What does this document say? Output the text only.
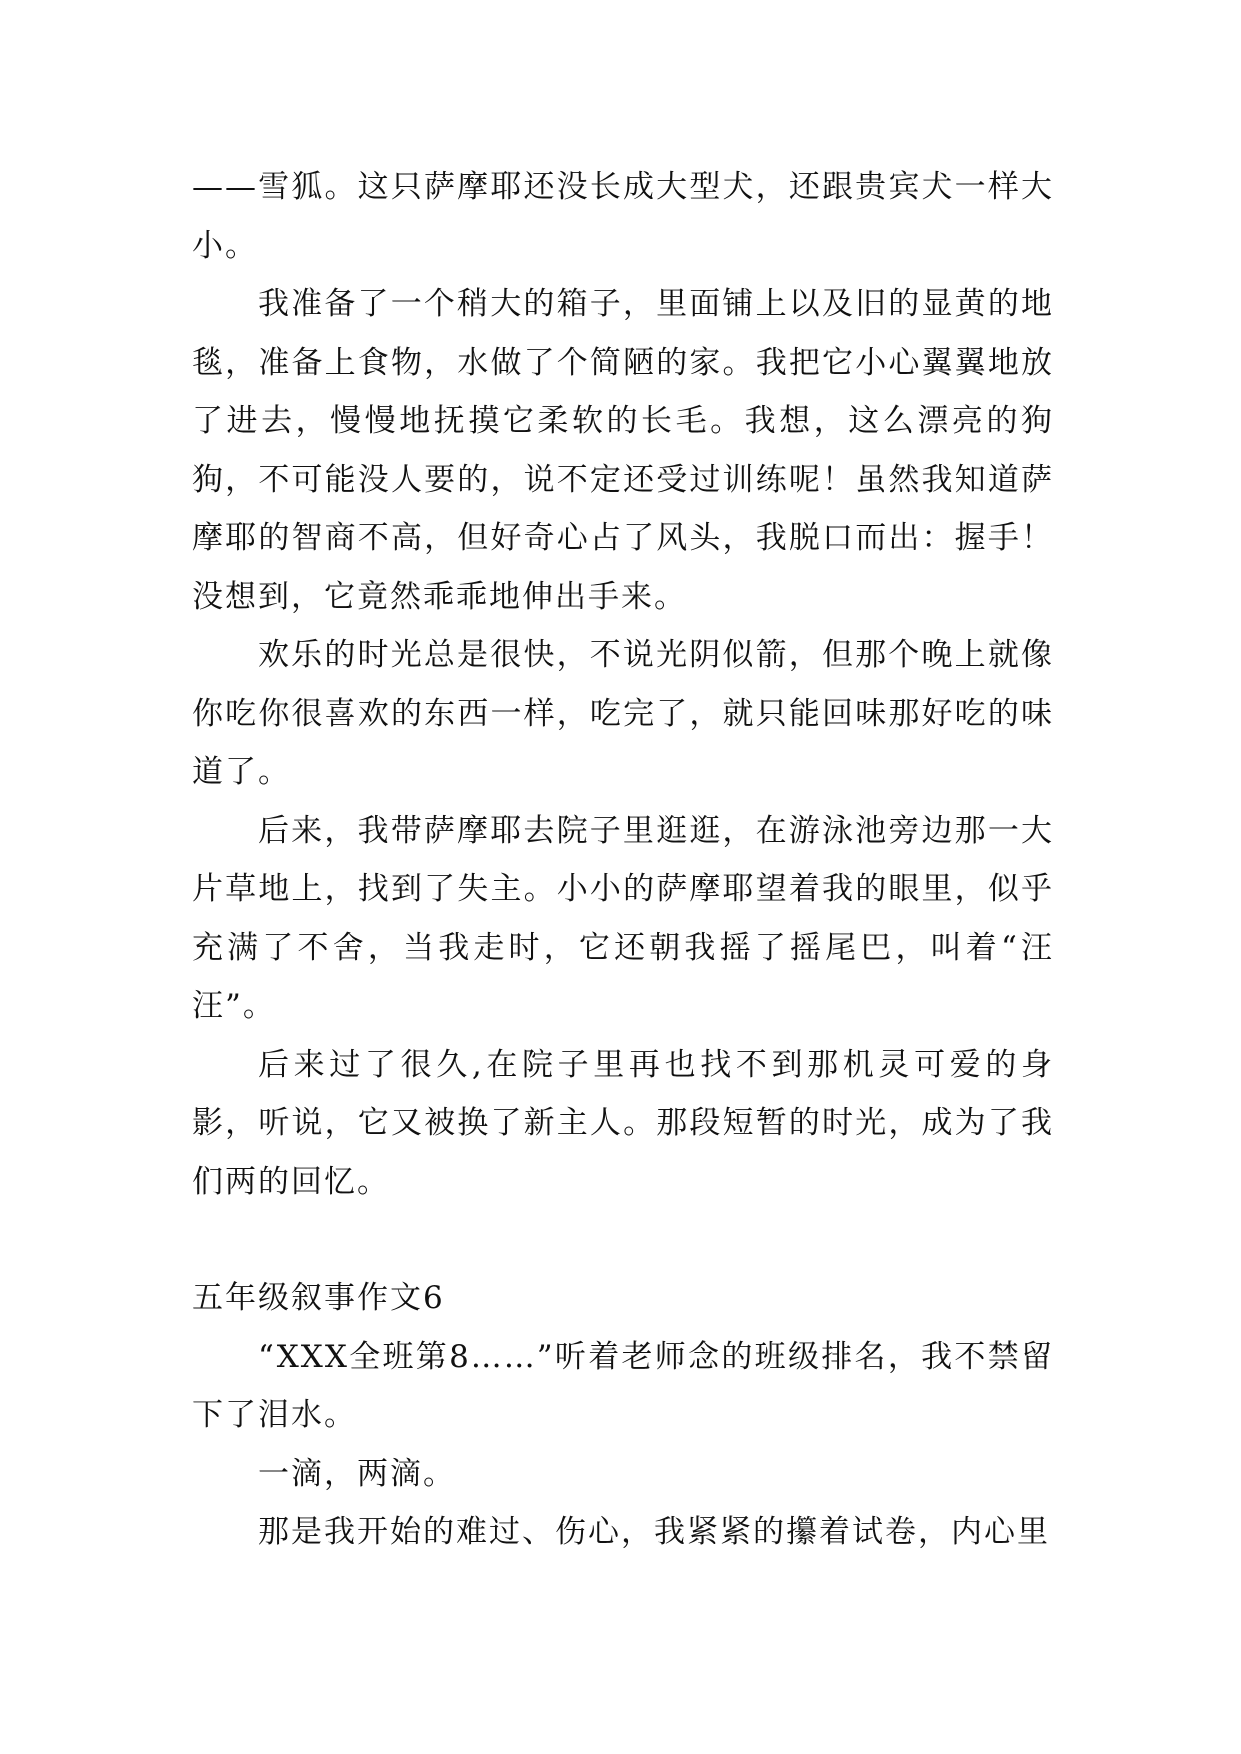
——雪狐。这只萨摩耶还没长成大型犬，还跟贵宾犬一样大小。

我准备了一个稍大的箱子，里面铺上以及旧的显黄的地毯，准备上食物，水做了个简陋的家。我把它小心翼翼地放了进去，慢慢地抚摸它柔软的长毛。我想，这么漂亮的狗狗，不可能没人要的，说不定还受过训练呢！虽然我知道萨摩耶的智商不高，但好奇心占了风头，我脱口而出：握手！没想到，它竟然乖乖地伸出手来。

欢乐的时光总是很快，不说光阴似箭，但那个晚上就像你吃你很喜欢的东西一样，吃完了，就只能回味那好吃的味道了。

后来，我带萨摩耶去院子里逛逛，在游泳池旁边那一大片草地上，找到了失主。小小的萨摩耶望着我的眼里，似乎充满了不舍，当我走时，它还朝我摇了摇尾巴，叫着“汪汪”。

后来过了很久,在院子里再也找不到那机灵可爱的身影，听说，它又被换了新主人。那段短暂的时光，成为了我们两的回忆。

五年级叙事作文6

“XXX全班第8……”听着老师念的班级排名，我不禁留下了泪水。

一滴，两滴。

那是我开始的难过、伤心，我紧紧的攥着试卷，内心里
